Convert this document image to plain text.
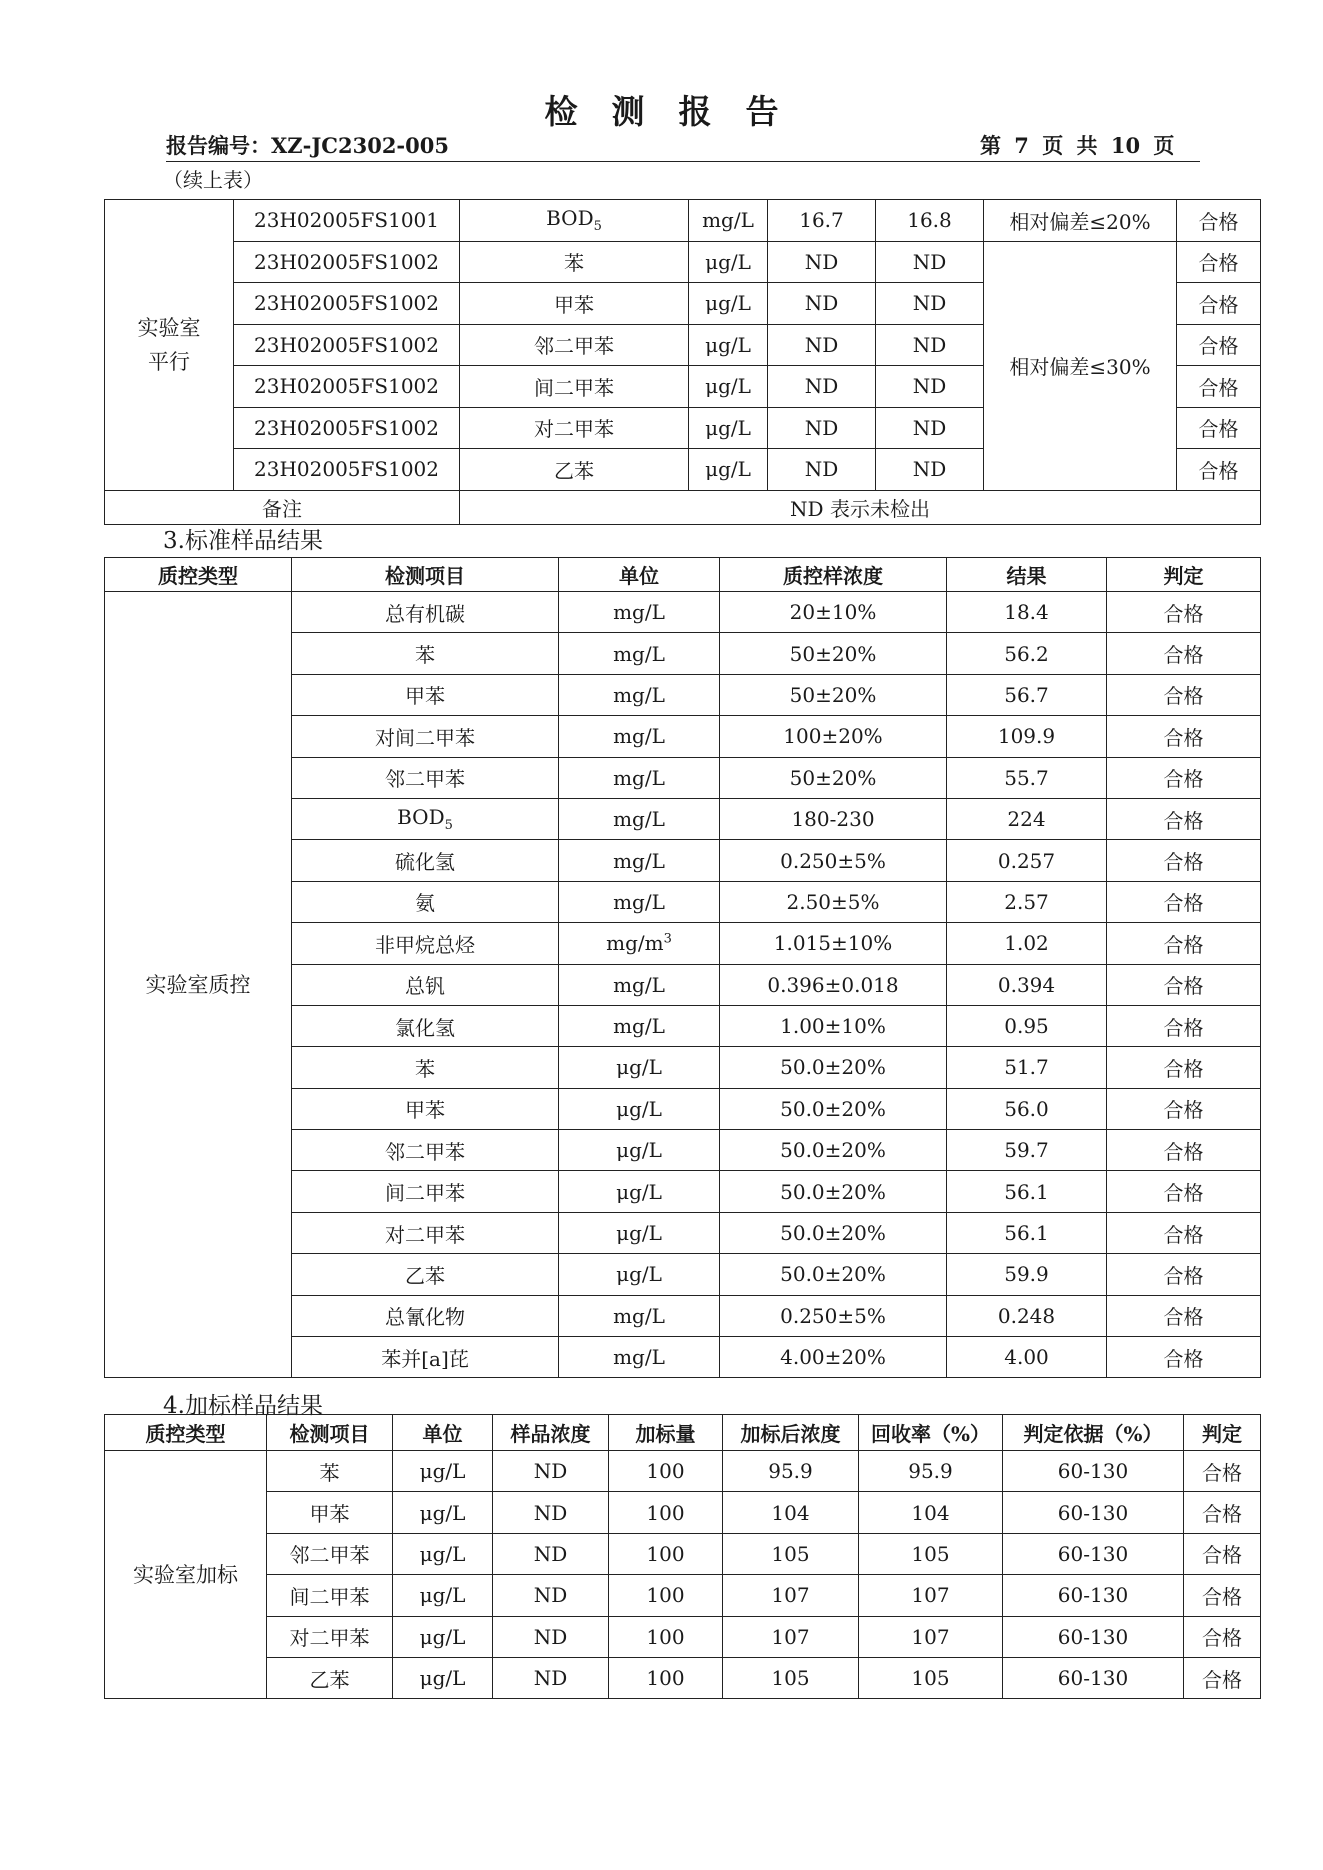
检测报告
报告编号：XZ-JC2302-005	第 7 页 共 10 页
（续上表）
实验室
平行	23H02005FS1001	$BOD_5$	mg/L	16.7	16.8	相对偏差≤20%	合格
	23H02005FS1002	苯	μg/L	ND	ND	相对偏差≤30%	合格
	23H02005FS1002	甲苯	μg/L	ND	ND		合格
	23H02005FS1002	邻二甲苯	μg/L	ND	ND		合格
	23H02005FS1002	间二甲苯	μg/L	ND	ND		合格
	23H02005FS1002	对二甲苯	μg/L	ND	ND		合格
	23H02005FS1002	乙苯	μg/L	ND	ND		合格
备注		ND 表示未检出					
3.标准样品结果
质控类型	检测项目	单位	质控样浓度	结果	判定
实验室质控	总有机碳	mg/L	20±10%	18.4	合格
	苯	mg/L	50±20%	56.2	合格
	甲苯	mg/L	50±20%	56.7	合格
	对间二甲苯	mg/L	100±20%	109.9	合格
	邻二甲苯	mg/L	50±20%	55.7	合格
	$BOD_5$	mg/L	180-230	224	合格
	硫化氢	mg/L	0.250±5%	0.257	合格
	氨	mg/L	2.50±5%	2.57	合格
	非甲烷总烃	$mg/m^3$	1.015±10%	1.02	合格
	总钒	mg/L	0.396±0.018	0.394	合格
	氯化氢	mg/L	1.00±10%	0.95	合格
	苯	μg/L	50.0±20%	51.7	合格
	甲苯	μg/L	50.0±20%	56.0	合格
	邻二甲苯	μg/L	50.0±20%	59.7	合格
	间二甲苯	μg/L	50.0±20%	56.1	合格
	对二甲苯	μg/L	50.0±20%	56.1	合格
	乙苯	μg/L	50.0±20%	59.9	合格
	总氰化物	mg/L	0.250±5%	0.248	合格
	苯并[a]芘	mg/L	4.00±20%	4.00	合格
4.加标样品结果
质控类型	检测项目	单位	样品浓度	加标量	加标后浓度	回收率（%）	判定依据（%）	判定
实验室加标	苯	μg/L	ND	100	95.9	95.9	60-130	合格
	甲苯	μg/L	ND	100	104	104	60-130	合格
	邻二甲苯	μg/L	ND	100	105	105	60-130	合格
	间二甲苯	μg/L	ND	100	107	107	60-130	合格
	对二甲苯	μg/L	ND	100	107	107	60-130	合格
	乙苯	μg/L	ND	100	105	105	60-130	合格
